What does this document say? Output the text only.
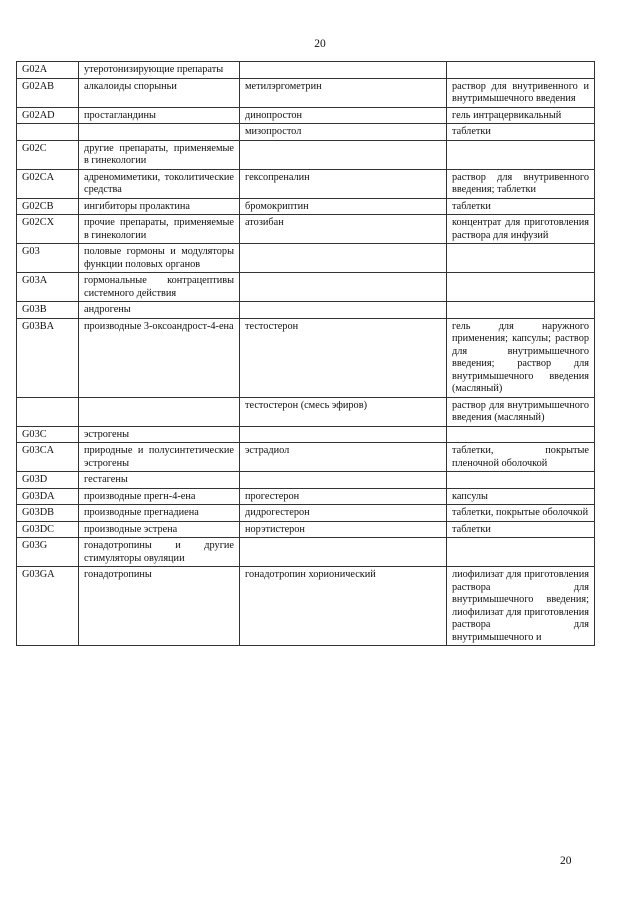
20
G02A	утеротонизирующие препараты		
G02AB	алкалоиды спорыньи	метилэргометрин	раствор для внутривенного и внутримышечного введения
G02AD	простагландины	динопростон	гель интрацервикальный
		мизопростол	таблетки
G02C	другие препараты, применяемые в гинекологии		
G02CA	адреномиметики, токолитические средства	гексопреналин	раствор для внутривенного введения; таблетки
G02CB	ингибиторы пролактина	бромокриптин	таблетки
G02CX	прочие препараты, применяемые в гинекологии	атозибан	концентрат для приготовления раствора для инфузий
G03	половые гормоны и модуляторы функции половых органов		
G03A	гормональные контрацептивы системного действия		
G03B	андрогены		
G03BA	производные 3-оксоандрост-4-ена	тестостерон	гель для наружного применения; капсулы; раствор для внутримышечного введения; раствор для внутримышечного введения (масляный)
		тестостерон (смесь эфиров)	раствор для внутримышечного введения (масляный)
G03C	эстрогены		
G03CA	природные и полусинтетические эстрогены	эстрадиол	таблетки, покрытые пленочной оболочкой
G03D	гестагены		
G03DA	производные прегн-4-ена	прогестерон	капсулы
G03DB	производные прегнадиена	дидрогестерон	таблетки, покрытые оболочкой
G03DC	производные эстрена	норэтистерон	таблетки
G03G	гонадотропины и другие стимуляторы овуляции		
G03GA	гонадотропины	гонадотропин хорионический	лиофилизат для приготовления раствора для внутримышечного введения; лиофилизат для приготовления раствора для внутримышечного и
20
